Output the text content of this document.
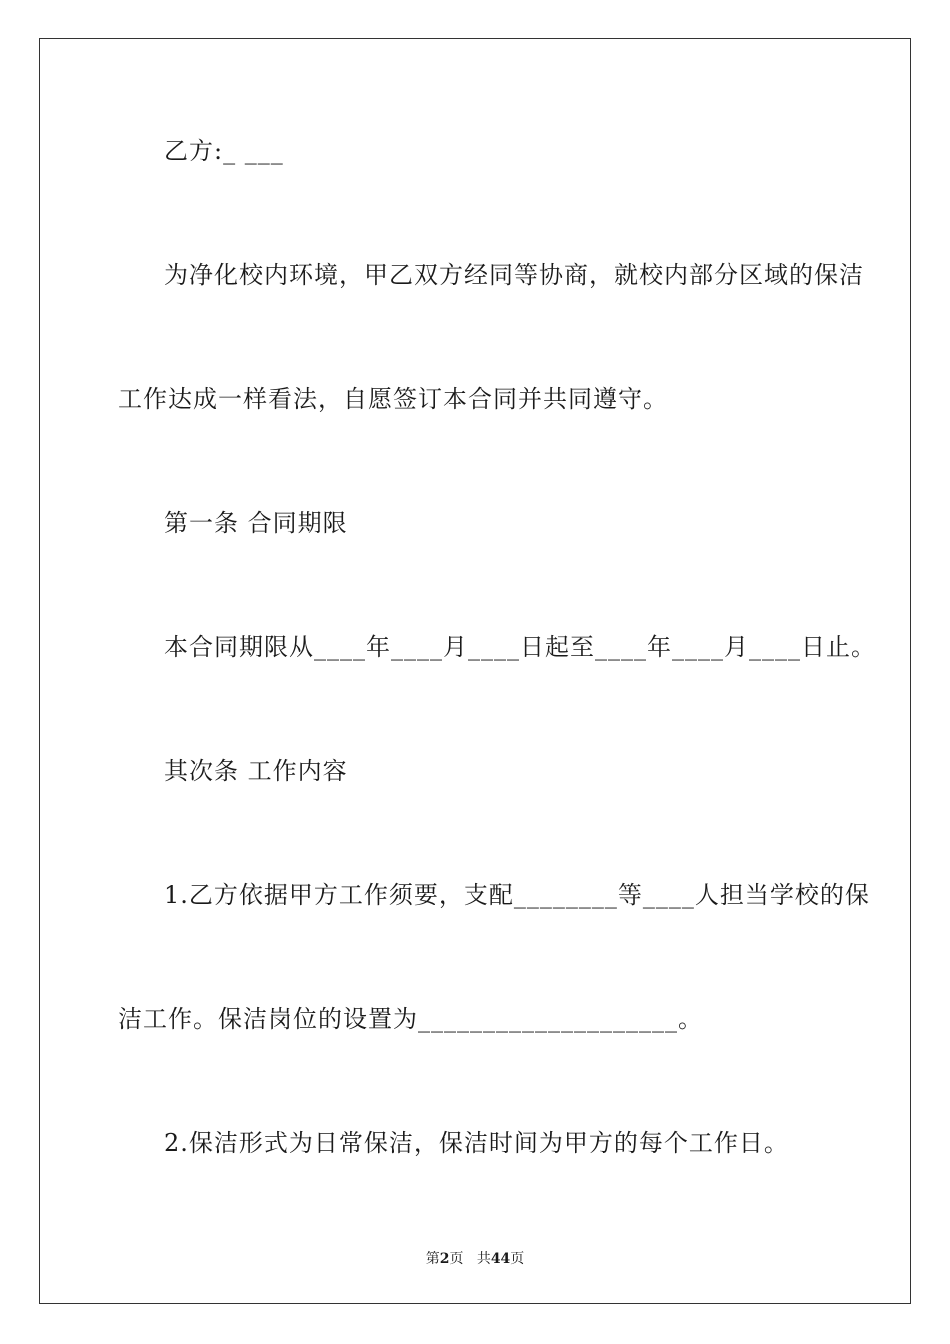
乙方:_ ___
为净化校内环境，甲乙双方经同等协商，就校内部分区域的保洁
工作达成一样看法，自愿签订本合同并共同遵守。
第一条 合同期限
本合同期限从____年____月____日起至____年____月____日止。
其次条 工作内容
1.乙方依据甲方工作须要，支配________等____人担当学校的保
洁工作。保洁岗位的设置为____________________。
2.保洁形式为日常保洁，保洁时间为甲方的每个工作日。
第2页 共44页
